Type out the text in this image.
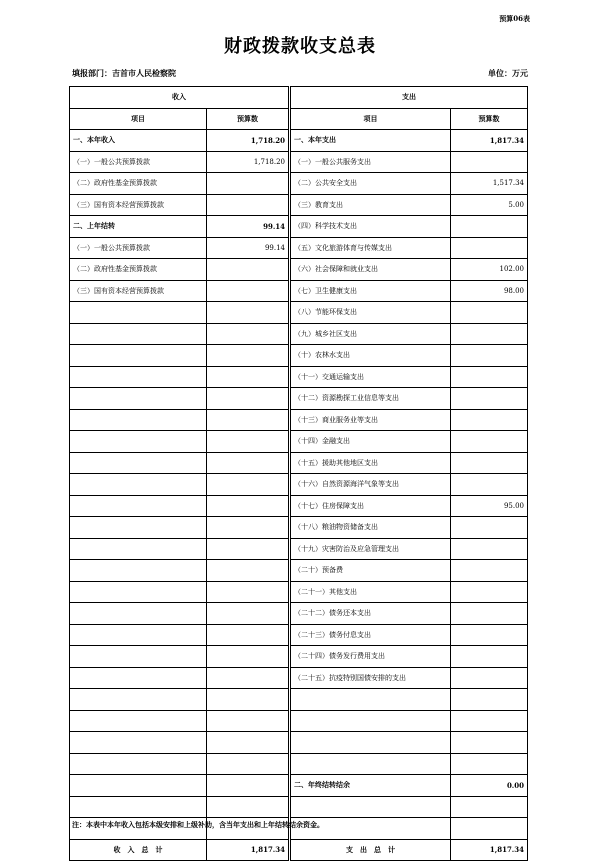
预算06表
财政拨款收支总表
填报部门：吉首市人民检察院	单位：万元
收入			支出	
项目	预算数		项目	预算数
一、本年收入	1,718.20		一、本年支出	1,817.34
（一）一般公共预算拨款	1,718.20		（一）一般公共服务支出	
（二）政府性基金预算拨款			（二）公共安全支出	1,517.34
（三）国有资本经营预算拨款			（三）教育支出	5.00
二、上年结转	99.14		（四）科学技术支出	
（一）一般公共预算拨款	99.14		（五）文化旅游体育与传媒支出	
（二）政府性基金预算拨款			（六）社会保障和就业支出	102.00
（三）国有资本经营预算拨款			（七）卫生健康支出	98.00
			（八）节能环保支出	
			（九）城乡社区支出	
			（十）农林水支出	
			（十一）交通运输支出	
			（十二）资源勘探工业信息等支出	
			（十三）商业服务业等支出	
			（十四）金融支出	
			（十五）援助其他地区支出	
			（十六）自然资源海洋气象等支出	
			（十七）住房保障支出	95.00
			（十八）粮油物资储备支出	
			（十九）灾害防治及应急管理支出	
			（二十）预备费	
			（二十一）其他支出	
			（二十二）债务还本支出	
			（二十三）债务付息支出	
			（二十四）债务发行费用支出	
			（二十五）抗疫特别国债安排的支出	

			二、年终结转结余	0.00

收　入　总　计	1,817.34		支　出　总　计	1,817.34
注：本表中本年收入包括本级安排和上级补助，含当年支出和上年结转结余资金。
